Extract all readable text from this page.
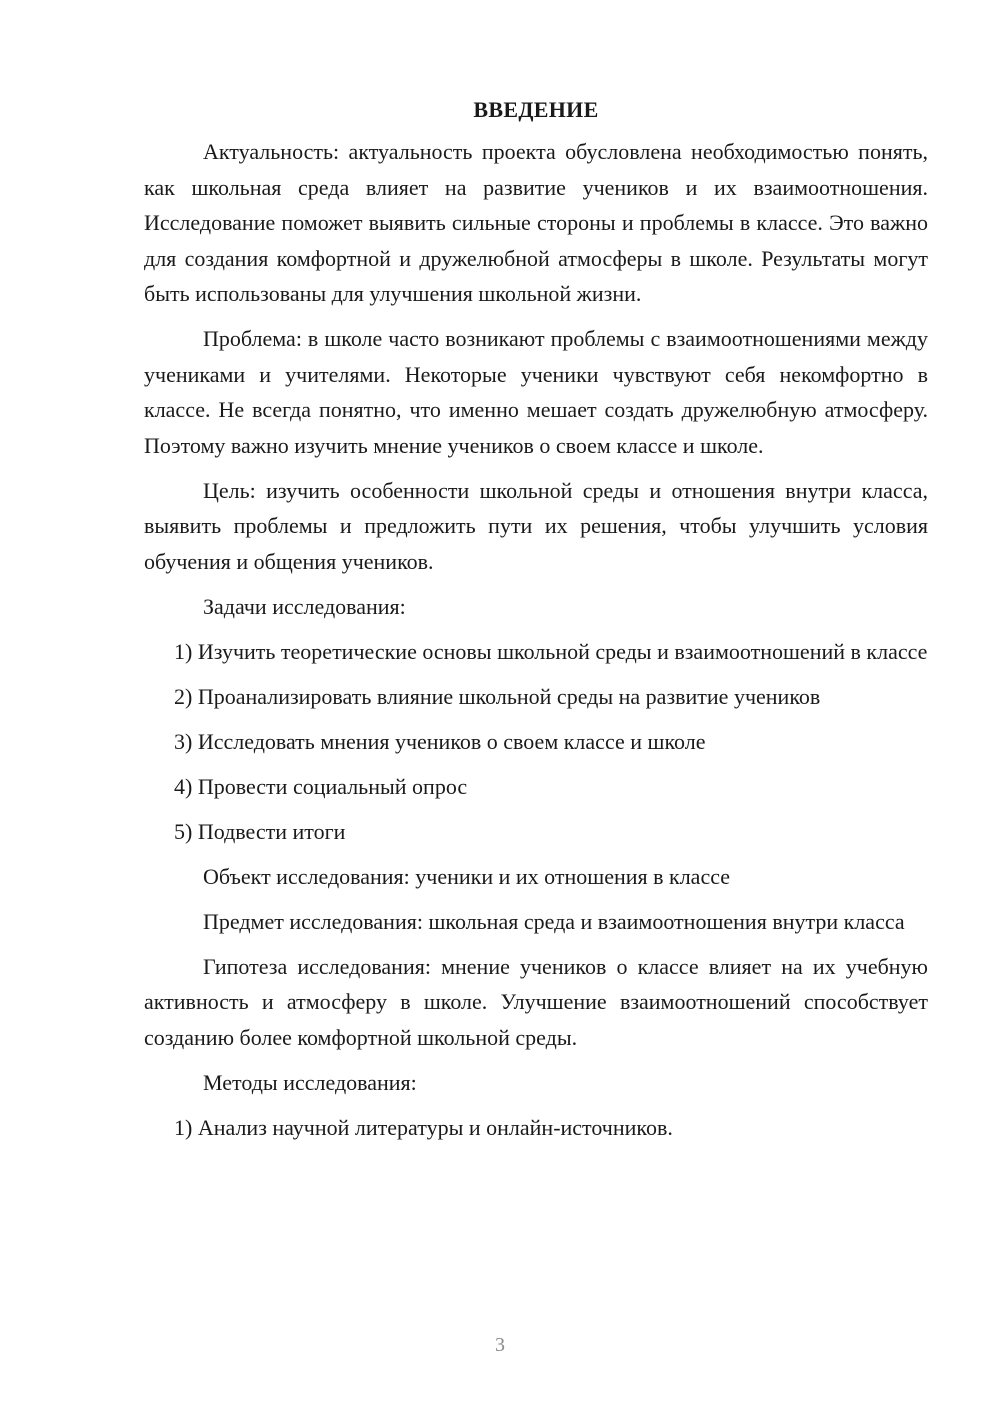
ВВЕДЕНИЕ

Актуальность: актуальность проекта обусловлена необходимостью понять, как школьная среда влияет на развитие учеников и их взаимоотношения. Исследование поможет выявить сильные стороны и проблемы в классе. Это важно для создания комфортной и дружелюбной атмосферы в школе. Результаты могут быть использованы для улучшения школьной жизни.

Проблема: в школе часто возникают проблемы с взаимоотношениями между учениками и учителями. Некоторые ученики чувствуют себя некомфортно в классе. Не всегда понятно, что именно мешает создать дружелюбную атмосферу. Поэтому важно изучить мнение учеников о своем классе и школе.

Цель: изучить особенности школьной среды и отношения внутри класса, выявить проблемы и предложить пути их решения, чтобы улучшить условия обучения и общения учеников.

Задачи исследования:

1) Изучить теоретические основы школьной среды и взаимоотношений в классе

2) Проанализировать влияние школьной среды на развитие учеников

3) Исследовать мнения учеников о своем классе и школе

4) Провести социальный опрос

5) Подвести итоги

Объект исследования: ученики и их отношения в классе

Предмет исследования: школьная среда и взаимоотношения внутри класса

Гипотеза исследования: мнение учеников о классе влияет на их учебную активность и атмосферу в школе. Улучшение взаимоотношений способствует созданию более комфортной школьной среды.

Методы исследования:

1) Анализ научной литературы и онлайн-источников.

3
